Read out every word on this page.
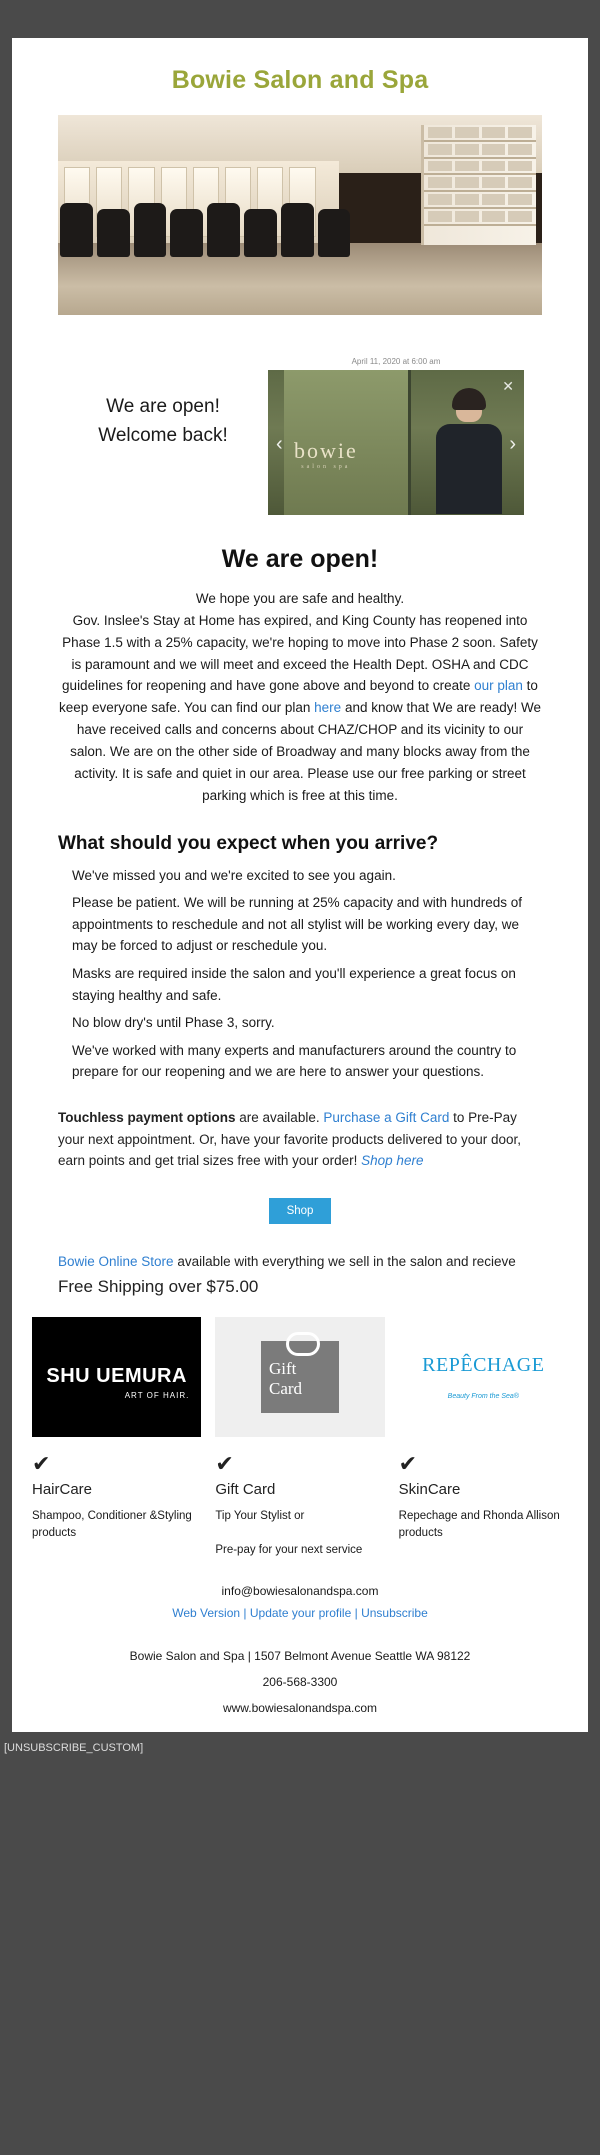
Bowie Salon and Spa
We are open!
Welcome back!
April 11, 2020 at 6:00 am
bowie
salon spa
‹	›
✕
We are open!
We hope you are safe and healthy.
Gov. Inslee's Stay at Home has expired, and King County has reopened into Phase 1.5 with a 25% capacity, we're hoping to move into Phase 2 soon. Safety is paramount and we will meet and exceed the Health Dept. OSHA and CDC guidelines for reopening and have gone above and beyond to create our plan to keep everyone safe. You can find our plan here and know that We are ready! We have received calls and concerns about CHAZ/CHOP and its vicinity to our salon. We are on the other side of Broadway and many blocks away from the activity. It is safe and quiet in our area. Please use our free parking or street parking which is free at this time.
What should you expect when you arrive?

We've missed you and we're excited to see you again.

Please be patient. We will be running at 25% capacity and with hundreds of appointments to reschedule and not all stylist will be working every day, we may be forced to adjust or reschedule you.

Masks are required inside the salon and you'll experience a great focus on staying healthy and safe.

No blow dry's until Phase 3, sorry.

We've worked with many experts and manufacturers around the country to prepare for our reopening and we are here to answer your questions.

Touchless payment options are available. Purchase a Gift Card to Pre-Pay your next appointment. Or, have your favorite products delivered to your door, earn points and get trial sizes free with your order! Shop here
Shop
Bowie Online Store available with everything we sell in the salon and recieve
Free Shipping over $75.00
SHU UEMURA
ART OF HAIR.
✔
HairCare
Shampoo, Conditioner &Styling products
Gift
Card
✔
Gift Card
Tip Your Stylist or

Pre-pay for your next service
REPÊCHAGE
Beauty From the Sea®
✔
SkinCare
Repechage and Rhonda Allison products
info@bowiesalonandspa.com
Web Version | Update your profile | Unsubscribe
Bowie Salon and Spa | 1507 Belmont Avenue Seattle WA 98122
206-568-3300
www.bowiesalonandspa.com
[UNSUBSCRIBE_CUSTOM]
